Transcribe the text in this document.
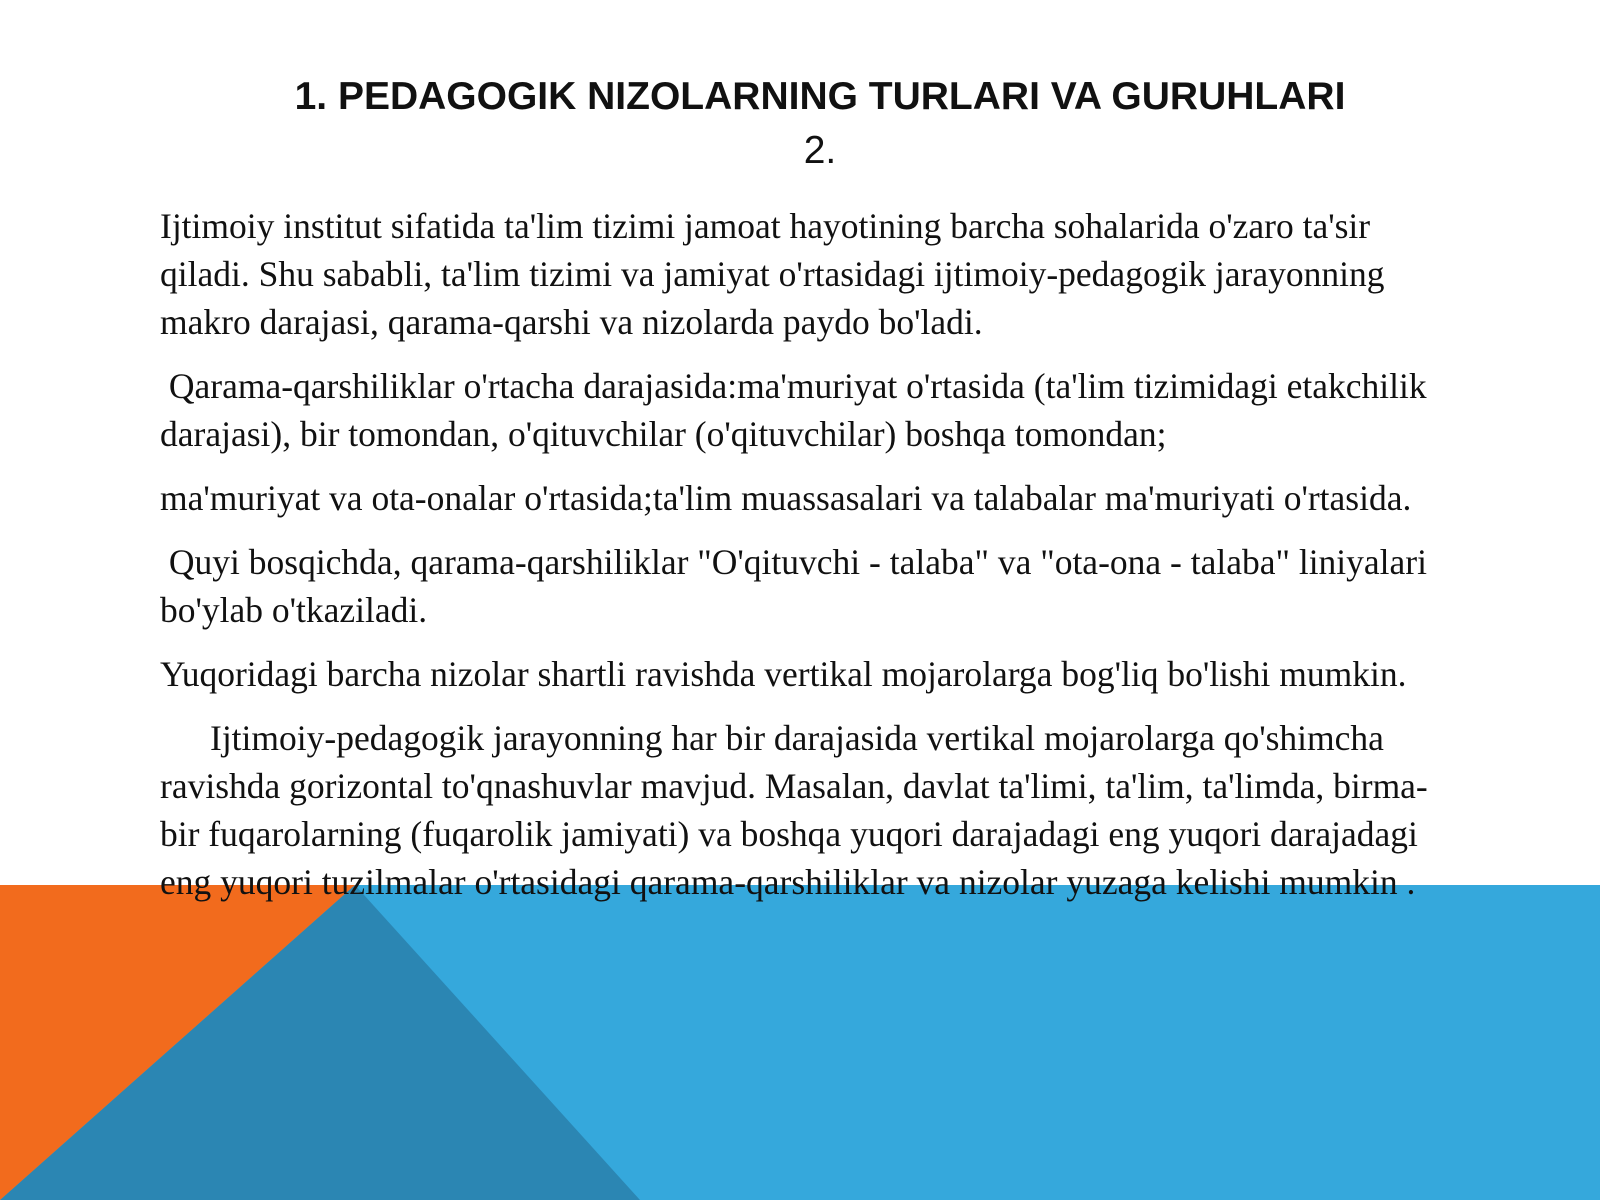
1. PEDAGOGIK NIZOLARNING TURLARI VA GURUHLARI
2.

Ijtimoiy institut sifatida ta'lim tizimi jamoat hayotining barcha sohalarida o'zaro ta'sir qiladi. Shu sababli, ta'lim tizimi va jamiyat o'rtasidagi ijtimoiy-pedagogik jarayonning makro darajasi, qarama-qarshi va nizolarda paydo bo'ladi.

Qarama-qarshiliklar o'rtacha darajasida:ma'muriyat o'rtasida (ta'lim tizimidagi etakchilik darajasi), bir tomondan, o'qituvchilar (o'qituvchilar) boshqa tomondan;

ma'muriyat va ota-onalar o'rtasida;ta'lim muassasalari va talabalar ma'muriyati o'rtasida.

Quyi bosqichda, qarama-qarshiliklar "O'qituvchi - talaba" va "ota-ona - talaba" liniyalari bo'ylab o'tkaziladi.

Yuqoridagi barcha nizolar shartli ravishda vertikal mojarolarga bog'liq bo'lishi mumkin.

Ijtimoiy-pedagogik jarayonning har bir darajasida vertikal mojarolarga qo'shimcha ravishda gorizontal to'qnashuvlar mavjud. Masalan, davlat ta'limi, ta'lim, ta'limda, birma-bir fuqarolarning (fuqarolik jamiyati) va boshqa yuqori darajadagi eng yuqori darajadagi eng yuqori tuzilmalar o'rtasidagi qarama-qarshiliklar va nizolar yuzaga kelishi mumkin .
